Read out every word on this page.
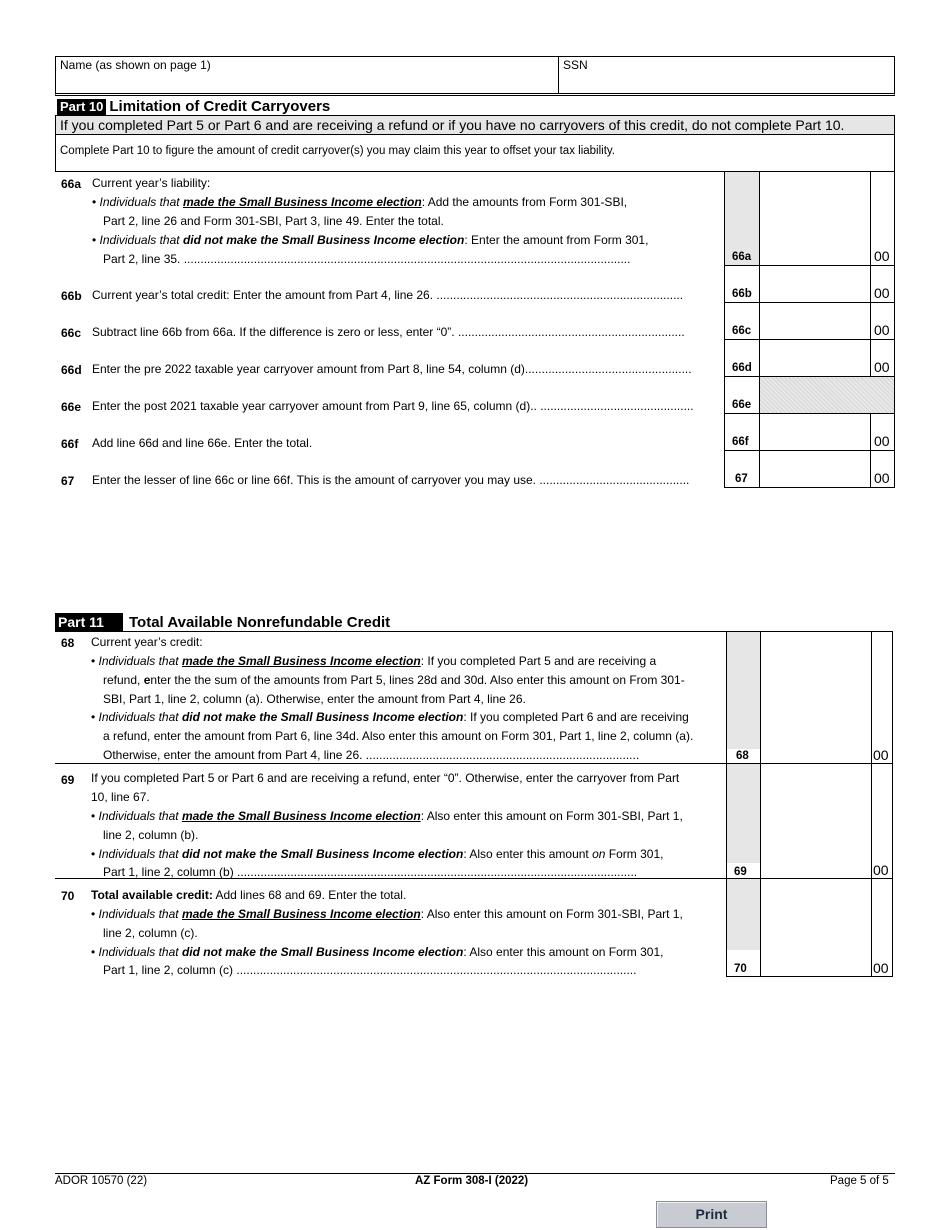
Name (as shown on page 1)	SSN
Part 10 Limitation of Credit Carryovers
If you completed Part 5 or Part 6 and are receiving a refund or if you have no carryovers of this credit, do not complete Part 10.
Complete Part 10 to figure the amount of credit carryover(s) you may claim this year to offset your tax liability.
66a Current year’s liability:
• Individuals that made the Small Business Income election: Add the amounts from Form 301-SBI,
Part 2, line 26 and Form 301-SBI, Part 3, line 49. Enter the total.
• Individuals that did not make the Small Business Income election: Enter the amount from Form 301,
Part 2, line 35. ......................................................................................................................................	66a	00
66b Current year’s total credit: Enter the amount from Part 4, line 26. ..........................................................................	66b	00
66c Subtract line 66b from 66a. If the difference is zero or less, enter “0”. ....................................................................	66c	00
66d Enter the pre 2022 taxable year carryover amount from Part 8, line 54, column (d)..................................................	66d	00
66e Enter the post 2021 taxable year carryover amount from Part 9, line 65, column (d).. ..............................................	66e
66f Add line 66d and line 66e. Enter the total.	66f	00
67 Enter the lesser of line 66c or line 66f. This is the amount of carryover you may use. .............................................	67	00
Part 11 Total Available Nonrefundable Credit
68 Current year’s credit:
• Individuals that made the Small Business Income election: If you completed Part 5 and are receiving a
refund, enter the the sum of the amounts from Part 5, lines 28d and 30d. Also enter this amount on From 301-
SBI, Part 1, line 2, column (a). Otherwise, enter the amount from Part 4, line 26.
• Individuals that did not make the Small Business Income election: If you completed Part 6 and are receiving
a refund, enter the amount from Part 6, line 34d. Also enter this amount on Form 301, Part 1, line 2, column (a).
Otherwise, enter the amount from Part 4, line 26. ..................................................................................	68	00
69 If you completed Part 5 or Part 6 and are receiving a refund, enter “0”. Otherwise, enter the carryover from Part
10, line 67.
• Individuals that made the Small Business Income election: Also enter this amount on Form 301-SBI, Part 1,
line 2, column (b).
• Individuals that did not make the Small Business Income election: Also enter this amount on Form 301,
Part 1, line 2, column (b) ........................................................................................................................	69	00
70 Total available credit: Add lines 68 and 69. Enter the total.
• Individuals that made the Small Business Income election: Also enter this amount on Form 301-SBI, Part 1,
line 2, column (c).
• Individuals that did not make the Small Business Income election: Also enter this amount on Form 301,
Part 1, line 2, column (c) ........................................................................................................................	70	00
ADOR 10570 (22)	AZ Form 308-I (2022)	Page 5 of 5
Print
